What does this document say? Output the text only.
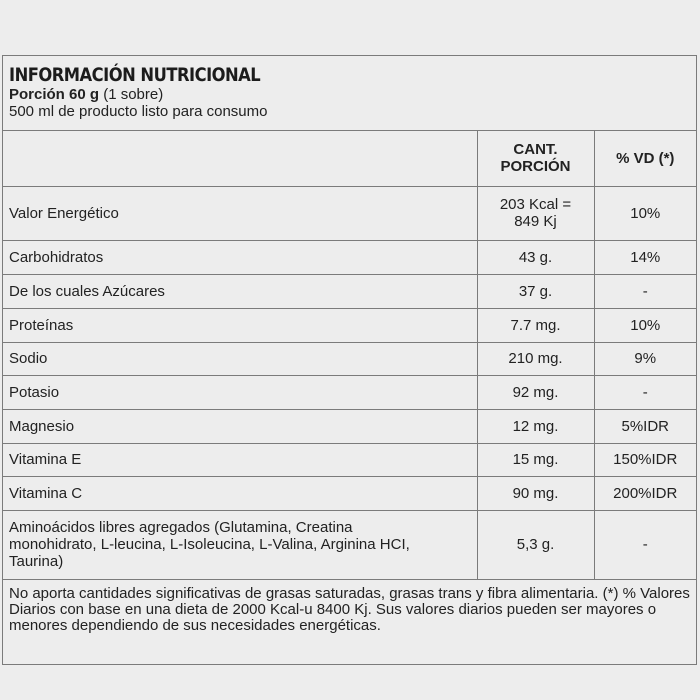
INFORMACIÓN NUTRICIONAL
Porción 60 g (1 sobre)
500 ml de producto listo para consumo
	CANT. PORCIÓN	% VD (*)
Valor Energético	203 Kcal = 849 Kj	10%
Carbohidratos	43 g.	14%
De los cuales Azúcares	37 g.	-
Proteínas	7.7 mg.	10%
Sodio	210 mg.	9%
Potasio	92 mg.	-
Magnesio	12 mg.	5%IDR
Vitamina E	15 mg.	150%IDR
Vitamina C	90 mg.	200%IDR
Aminoácidos libres agregados (Glutamina, Creatina monohidrato, L-leucina, L-Isoleucina, L-Valina, Arginina HCI, Taurina)	5,3 g.	-
No aporta cantidades significativas de grasas saturadas, grasas trans y fibra alimentaria. (*) % Valores Diarios con base en una dieta de 2000 Kcal-u 8400 Kj. Sus valores diarios pueden ser mayores o menores dependiendo de sus necesidades energéticas.
